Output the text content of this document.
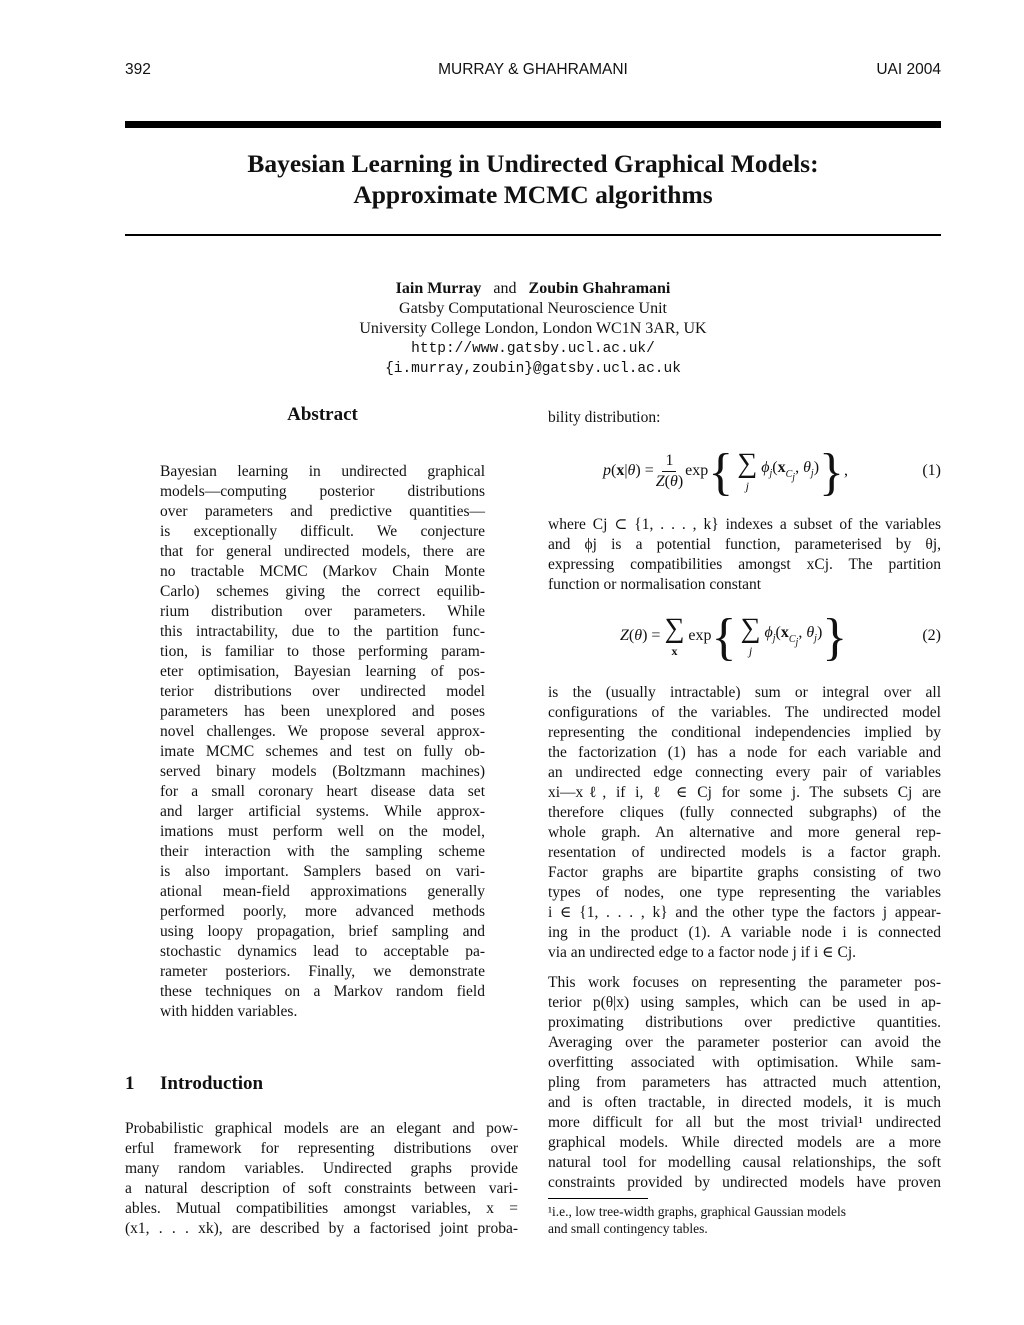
392	MURRAY & GHAHRAMANI	UAI 2004
Bayesian Learning in Undirected Graphical Models:
Approximate MCMC algorithms
Iain Murray and Zoubin Ghahramani
Gatsby Computational Neuroscience Unit
University College London, London WC1N 3AR, UK
http://www.gatsby.ucl.ac.uk/
{i.murray,zoubin}@gatsby.ucl.ac.uk
Abstract
Bayesian learning in undirected graphical
models—computing posterior distributions
over parameters and predictive quantities—
is exceptionally difficult. We conjecture
that for general undirected models, there are
no tractable MCMC (Markov Chain Monte
Carlo) schemes giving the correct equilib-
rium distribution over parameters. While
this intractability, due to the partition func-
tion, is familiar to those performing param-
eter optimisation, Bayesian learning of pos-
terior distributions over undirected model
parameters has been unexplored and poses
novel challenges. We propose several approx-
imate MCMC schemes and test on fully ob-
served binary models (Boltzmann machines)
for a small coronary heart disease data set
and larger artificial systems. While approx-
imations must perform well on the model,
their interaction with the sampling scheme
is also important. Samplers based on vari-
ational mean-field approximations generally
performed poorly, more advanced methods
using loopy propagation, brief sampling and
stochastic dynamics lead to acceptable pa-
rameter posteriors. Finally, we demonstrate
these techniques on a Markov random field
with hidden variables.
1 Introduction
Probabilistic graphical models are an elegant and pow-
erful framework for representing distributions over
many random variables. Undirected graphs provide
a natural description of soft constraints between vari-
ables. Mutual compatibilities amongst variables, x =
(x1, . . . xk), are described by a factorised joint proba-
bility distribution:
$p(x|\theta) = \frac{1}{Z(\theta)}$ exp { ∑
j
$\phi_j(x_{C_j}$, $\theta_j$) } ,	(1)
where Cj ⊂ {1, . . . , k} indexes a subset of the variables
and ϕj is a potential function, parameterised by θj,
expressing compatibilities amongst xCj. The partition
function or normalisation constant
Z(θ) = ∑
x
exp { ∑
j
$\phi_j(x_{C_j}$, $\theta_j$) }	(2)
is the (usually intractable) sum or integral over all
configurations of the variables. The undirected model
representing the conditional independencies implied by
the factorization (1) has a node for each variable and
an undirected edge connecting every pair of variables
xi—xℓ, if i, ℓ ∈ Cj for some j. The subsets Cj are
therefore cliques (fully connected subgraphs) of the
whole graph. An alternative and more general rep-
resentation of undirected models is a factor graph.
Factor graphs are bipartite graphs consisting of two
types of nodes, one type representing the variables
i ∈ {1, . . . , k} and the other type the factors j appear-
ing in the product (1). A variable node i is connected
via an undirected edge to a factor node j if i ∈ Cj.
This work focuses on representing the parameter pos-
terior p(θ|x) using samples, which can be used in ap-
proximating distributions over predictive quantities.
Averaging over the parameter posterior can avoid the
overfitting associated with optimisation. While sam-
pling from parameters has attracted much attention,
and is often tractable, in directed models, it is much
more difficult for all but the most trivial¹ undirected
graphical models. While directed models are a more
natural tool for modelling causal relationships, the soft
constraints provided by undirected models have proven
¹i.e., low tree-width graphs, graphical Gaussian models
and small contingency tables.
